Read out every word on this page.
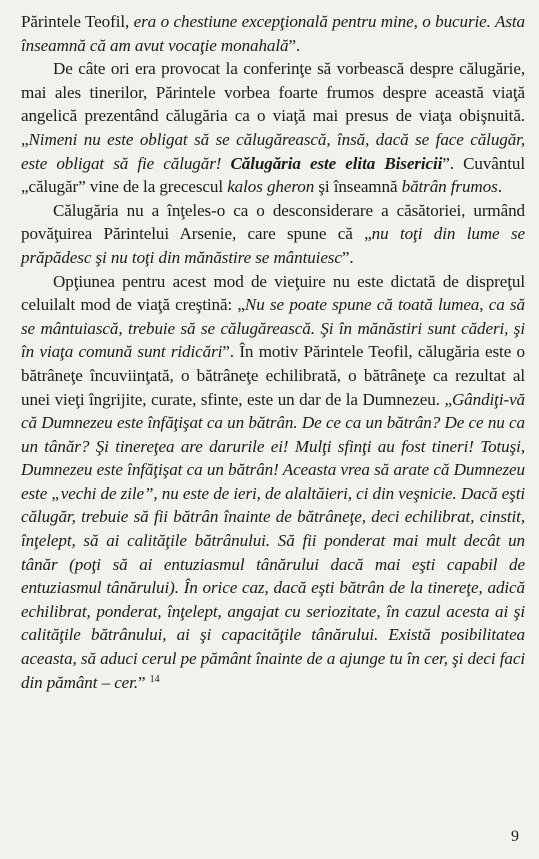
Părintele Teofil, era o chestiune excepţională pentru mine, o bucurie. Asta înseamnă că am avut vocaţie monahală”.

De câte ori era provocat la conferinţe să vorbească despre călugărie, mai ales tinerilor, Părintele vorbea foarte frumos despre această viaţă angelică prezentând călugăria ca o viaţă mai presus de viaţa obişnuită. „Nimeni nu este obligat să se călugărească, însă, dacă se face călugăr, este obligat să fie călugăr! Călugăria este elita Bisericii”. Cuvântul „călugăr” vine de la grecescul kalos gheron şi înseamnă bătrân frumos.

Călugăria nu a înţeles-o ca o desconsiderare a căsătoriei, urmând povăţuirea Părintelui Arsenie, care spune că „nu toţi din lume se prăpădesc şi nu toţi din mănăstire se mântuiesc”.

Opţiunea pentru acest mod de vieţuire nu este dictată de dispreţul celuilalt mod de viaţă creştină: „Nu se poate spune că toată lumea, ca să se mântuiască, trebuie să se călugărească. Şi în mănăstiri sunt căderi, şi în viaţa comună sunt ridicări”. În motiv Părintele Teofil, călugăria este o bătrâneţe încuviinţată, o bătrâneţe echilibrată, o bătrâneţe ca rezultat al unei vieţi îngrijite, curate, sfinte, este un dar de la Dumnezeu. „Gândiţi-vă că Dumnezeu este înfăţişat ca un bătrân. De ce ca un bătrân? De ce nu ca un tânăr? Şi tinereţea are darurile ei! Mulţi sfinţi au fost tineri! Totuşi, Dumnezeu este înfăţişat ca un bătrân! Aceasta vrea să arate că Dumnezeu este „vechi de zile”, nu este de ieri, de alaltăieri, ci din veşnicie. Dacă eşti călugăr, trebuie să fii bătrân înainte de bătrâneţe, deci echilibrat, cinstit, înţelept, să ai calităţile bătrânului. Să fii ponderat mai mult decât un tânăr (poţi să ai entuziasmul tânărului dacă mai eşti capabil de entuziasmul tânărului). În orice caz, dacă eşti bătrân de la tinereţe, adică echilibrat, ponderat, înţelept, angajat cu seriozitate, în cazul acesta ai şi calităţile bătrânului, ai şi capacităţile tânărului. Există posibilitatea aceasta, să aduci cerul pe pământ înainte de a ajunge tu în cer, şi deci faci din pământ – cer.” $^{14}$

9
